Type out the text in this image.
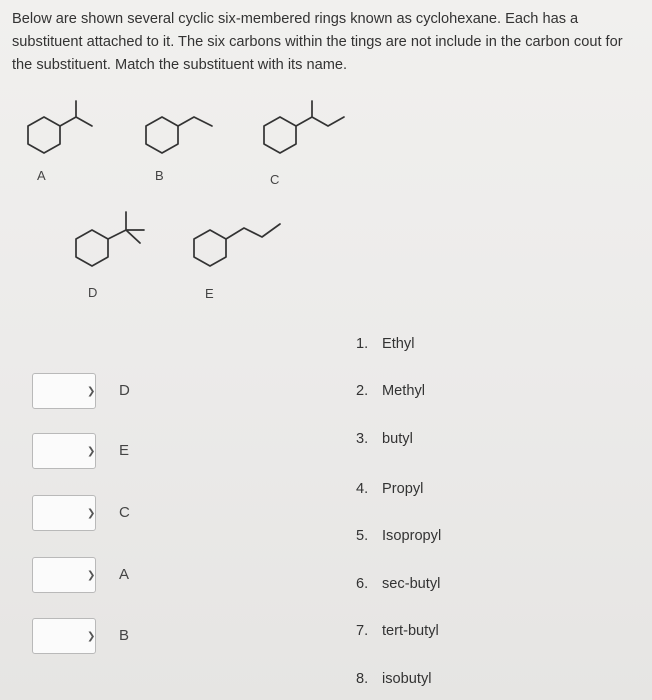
Below are shown several cyclic six-membered rings known as cyclohexane. Each has a substituent attached to it. The six carbons within the tings are not include in the carbon cout for the substituent. Match the substituent with its name.
A	B	C
D	E
❯ D
❯ E
❯ C
❯ A
❯ B
1. Ethyl
2. Methyl
3. butyl
4. Propyl
5. Isopropyl
6. sec-butyl
7. tert-butyl
8. isobutyl
